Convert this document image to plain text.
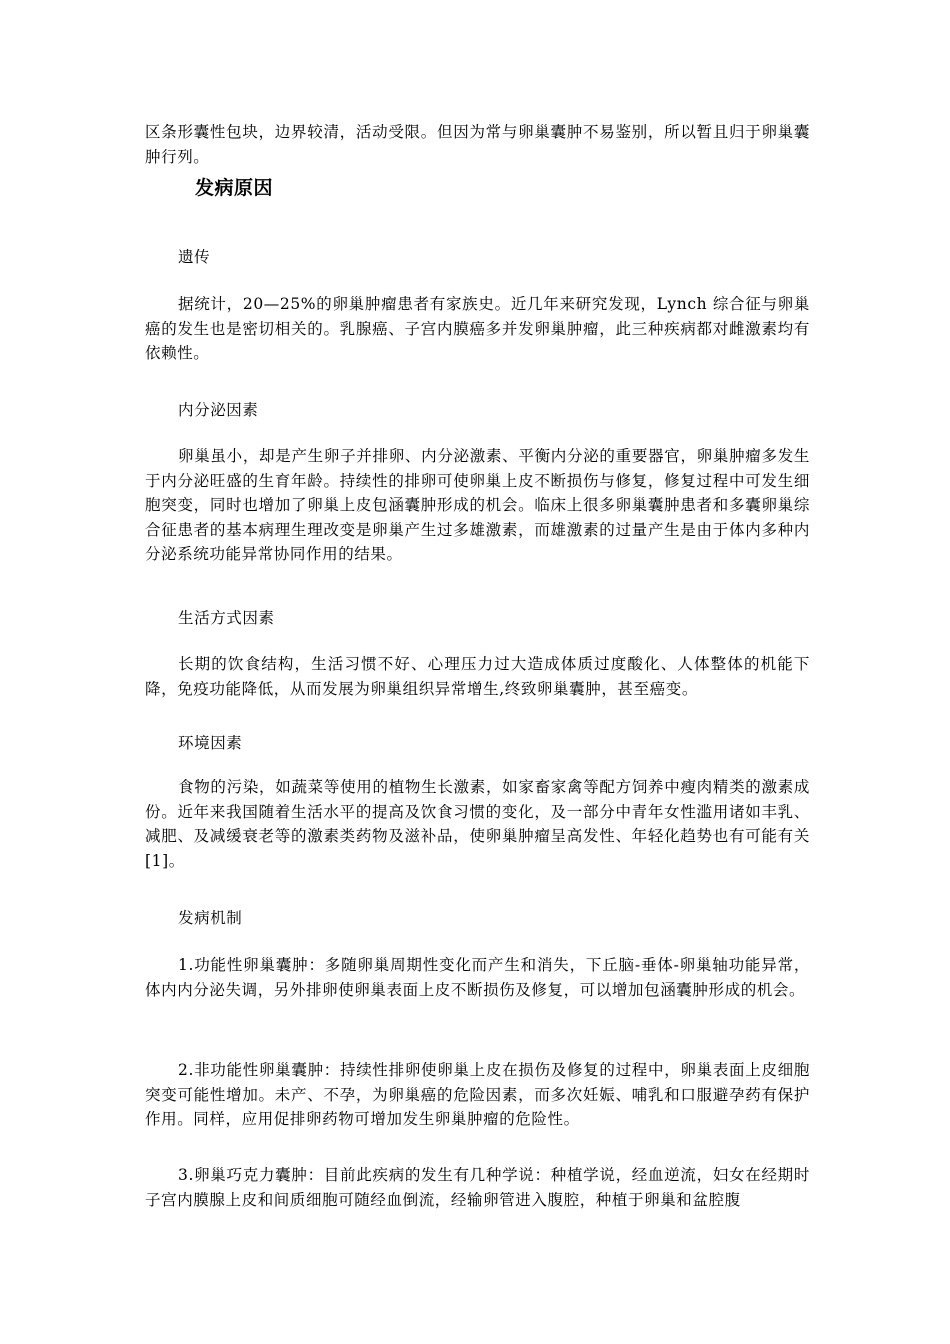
区条形囊性包块，边界较清，活动受限。但因为常与卵巢囊肿不易鉴别，所以暂且归于卵巢囊肿行列。

发病原因

遗传

据统计，20—25%的卵巢肿瘤患者有家族史。近几年来研究发现，Lynch 综合征与卵巢癌的发生也是密切相关的。乳腺癌、子宫内膜癌多并发卵巢肿瘤，此三种疾病都对雌激素均有依赖性。

内分泌因素

卵巢虽小，却是产生卵子并排卵、内分泌激素、平衡内分泌的重要器官，卵巢肿瘤多发生于内分泌旺盛的生育年龄。持续性的排卵可使卵巢上皮不断损伤与修复，修复过程中可发生细胞突变，同时也增加了卵巢上皮包涵囊肿形成的机会。临床上很多卵巢囊肿患者和多囊卵巢综合征患者的基本病理生理改变是卵巢产生过多雄激素，而雄激素的过量产生是由于体内多种内分泌系统功能异常协同作用的结果。

生活方式因素

长期的饮食结构，生活习惯不好、心理压力过大造成体质过度酸化、人体整体的机能下降，免疫功能降低，从而发展为卵巢组织异常增生,终致卵巢囊肿，甚至癌变。

环境因素

食物的污染，如蔬菜等使用的植物生长激素，如家畜家禽等配方饲养中瘦肉精类的激素成份。近年来我国随着生活水平的提高及饮食习惯的变化，及一部分中青年女性滥用诸如丰乳、减肥、及减缓衰老等的激素类药物及滋补品，使卵巢肿瘤呈高发性、年轻化趋势也有可能有关[1]。

发病机制

1.功能性卵巢囊肿：多随卵巢周期性变化而产生和消失，下丘脑-垂体-卵巢轴功能异常，体内内分泌失调，另外排卵使卵巢表面上皮不断损伤及修复，可以增加包涵囊肿形成的机会。

2.非功能性卵巢囊肿：持续性排卵使卵巢上皮在损伤及修复的过程中，卵巢表面上皮细胞突变可能性增加。未产、不孕，为卵巢癌的危险因素，而多次妊娠、哺乳和口服避孕药有保护作用。同样，应用促排卵药物可增加发生卵巢肿瘤的危险性。

3.卵巢巧克力囊肿：目前此疾病的发生有几种学说：种植学说，经血逆流，妇女在经期时子宫内膜腺上皮和间质细胞可随经血倒流，经输卵管进入腹腔，种植于卵巢和盆腔腹
